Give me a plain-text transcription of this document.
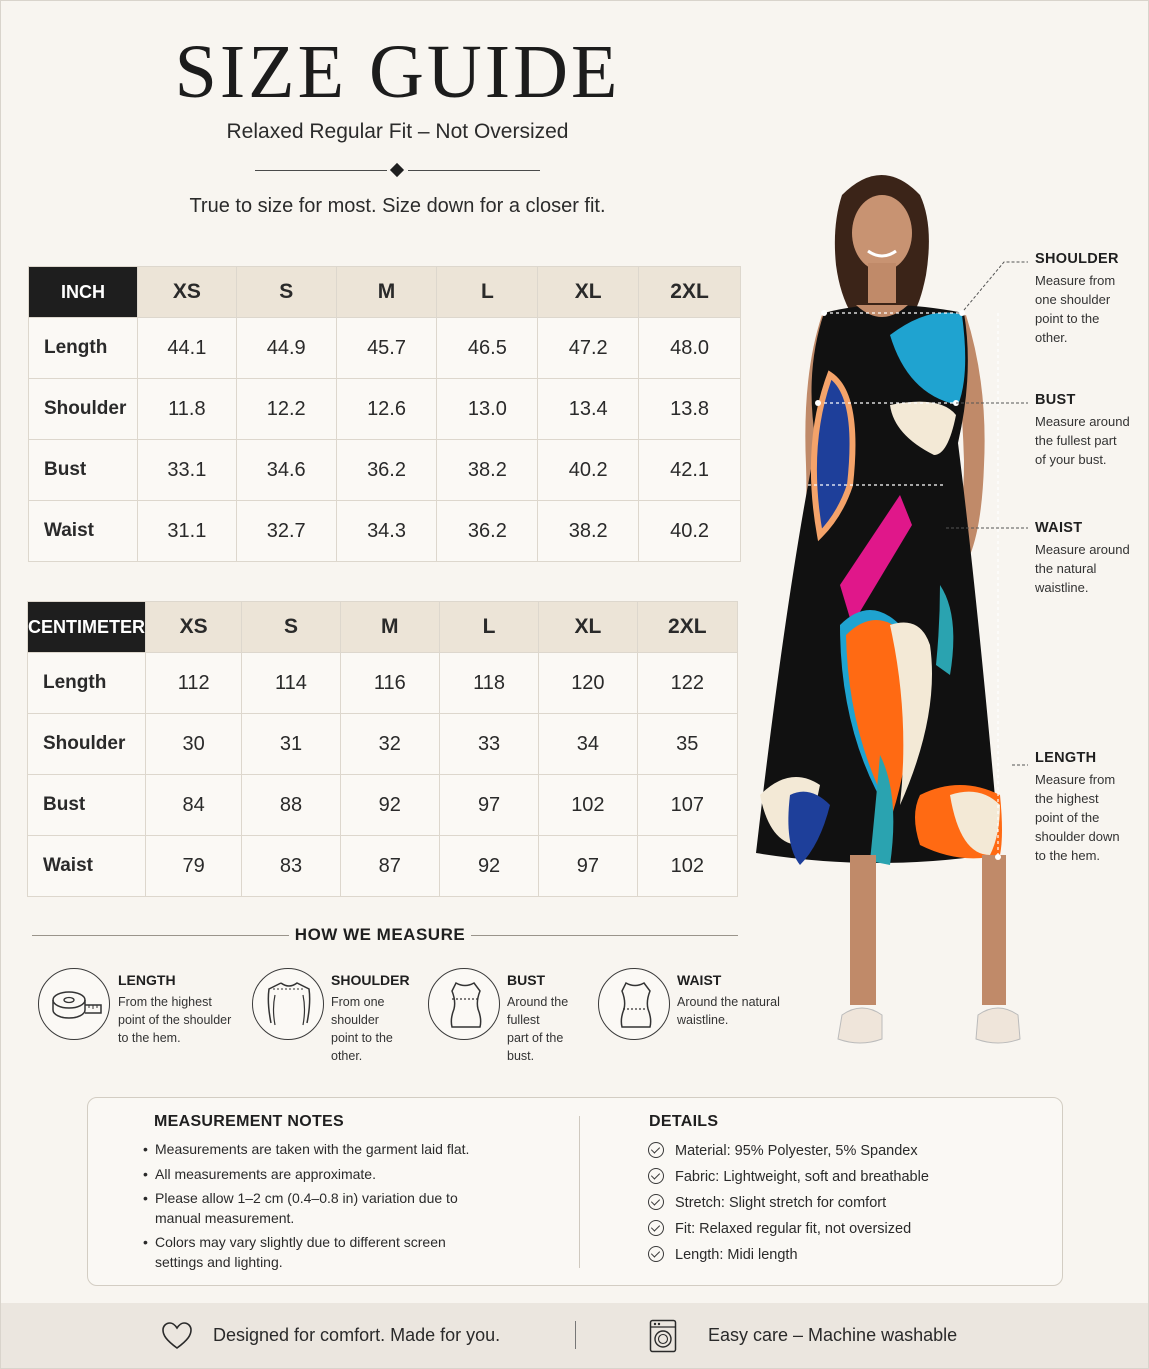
SIZE GUIDE
Relaxed Regular Fit – Not Oversized
True to size for most. Size down for a closer fit.
INCH	XS	S	M	L	XL	2XL
Length	44.1	44.9	45.7	46.5	47.2	48.0
Shoulder	11.8	12.2	12.6	13.0	13.4	13.8
Bust	33.1	34.6	36.2	38.2	40.2	42.1
Waist	31.1	32.7	34.3	36.2	38.2	40.2
CENTIMETER	XS	S	M	L	XL	2XL
Length	112	114	116	118	120	122
Shoulder	30	31	32	33	34	35
Bust	84	88	92	97	102	107
Waist	79	83	87	92	97	102
HOW WE MEASURE
LENGTH
From the highest
point of the shoulder
to the hem.
SHOULDER
From one shoulder
point to the
other.
BUST
Around the fullest
part of the
bust.
WAIST
Around the natural
waistline.
SHOULDER
Measure from
one shoulder
point to the
other.
BUST
Measure around
the fullest part
of your bust.
WAIST
Measure around
the natural
waistline.
LENGTH
Measure from
the highest
point of the
shoulder down
to the hem.
MEASUREMENT NOTES
• Measurements are taken with the garment laid flat.
• All measurements are approximate.
• Please allow 1–2 cm (0.4–0.8 in) variation due to
manual measurement.
• Colors may vary slightly due to different screen
settings and lighting.
DETAILS
Material: 95% Polyester, 5% Spandex
Fabric: Lightweight, soft and breathable
Stretch: Slight stretch for comfort
Fit: Relaxed regular fit, not oversized
Length: Midi length
Designed for comfort. Made for you.	Easy care – Machine washable
